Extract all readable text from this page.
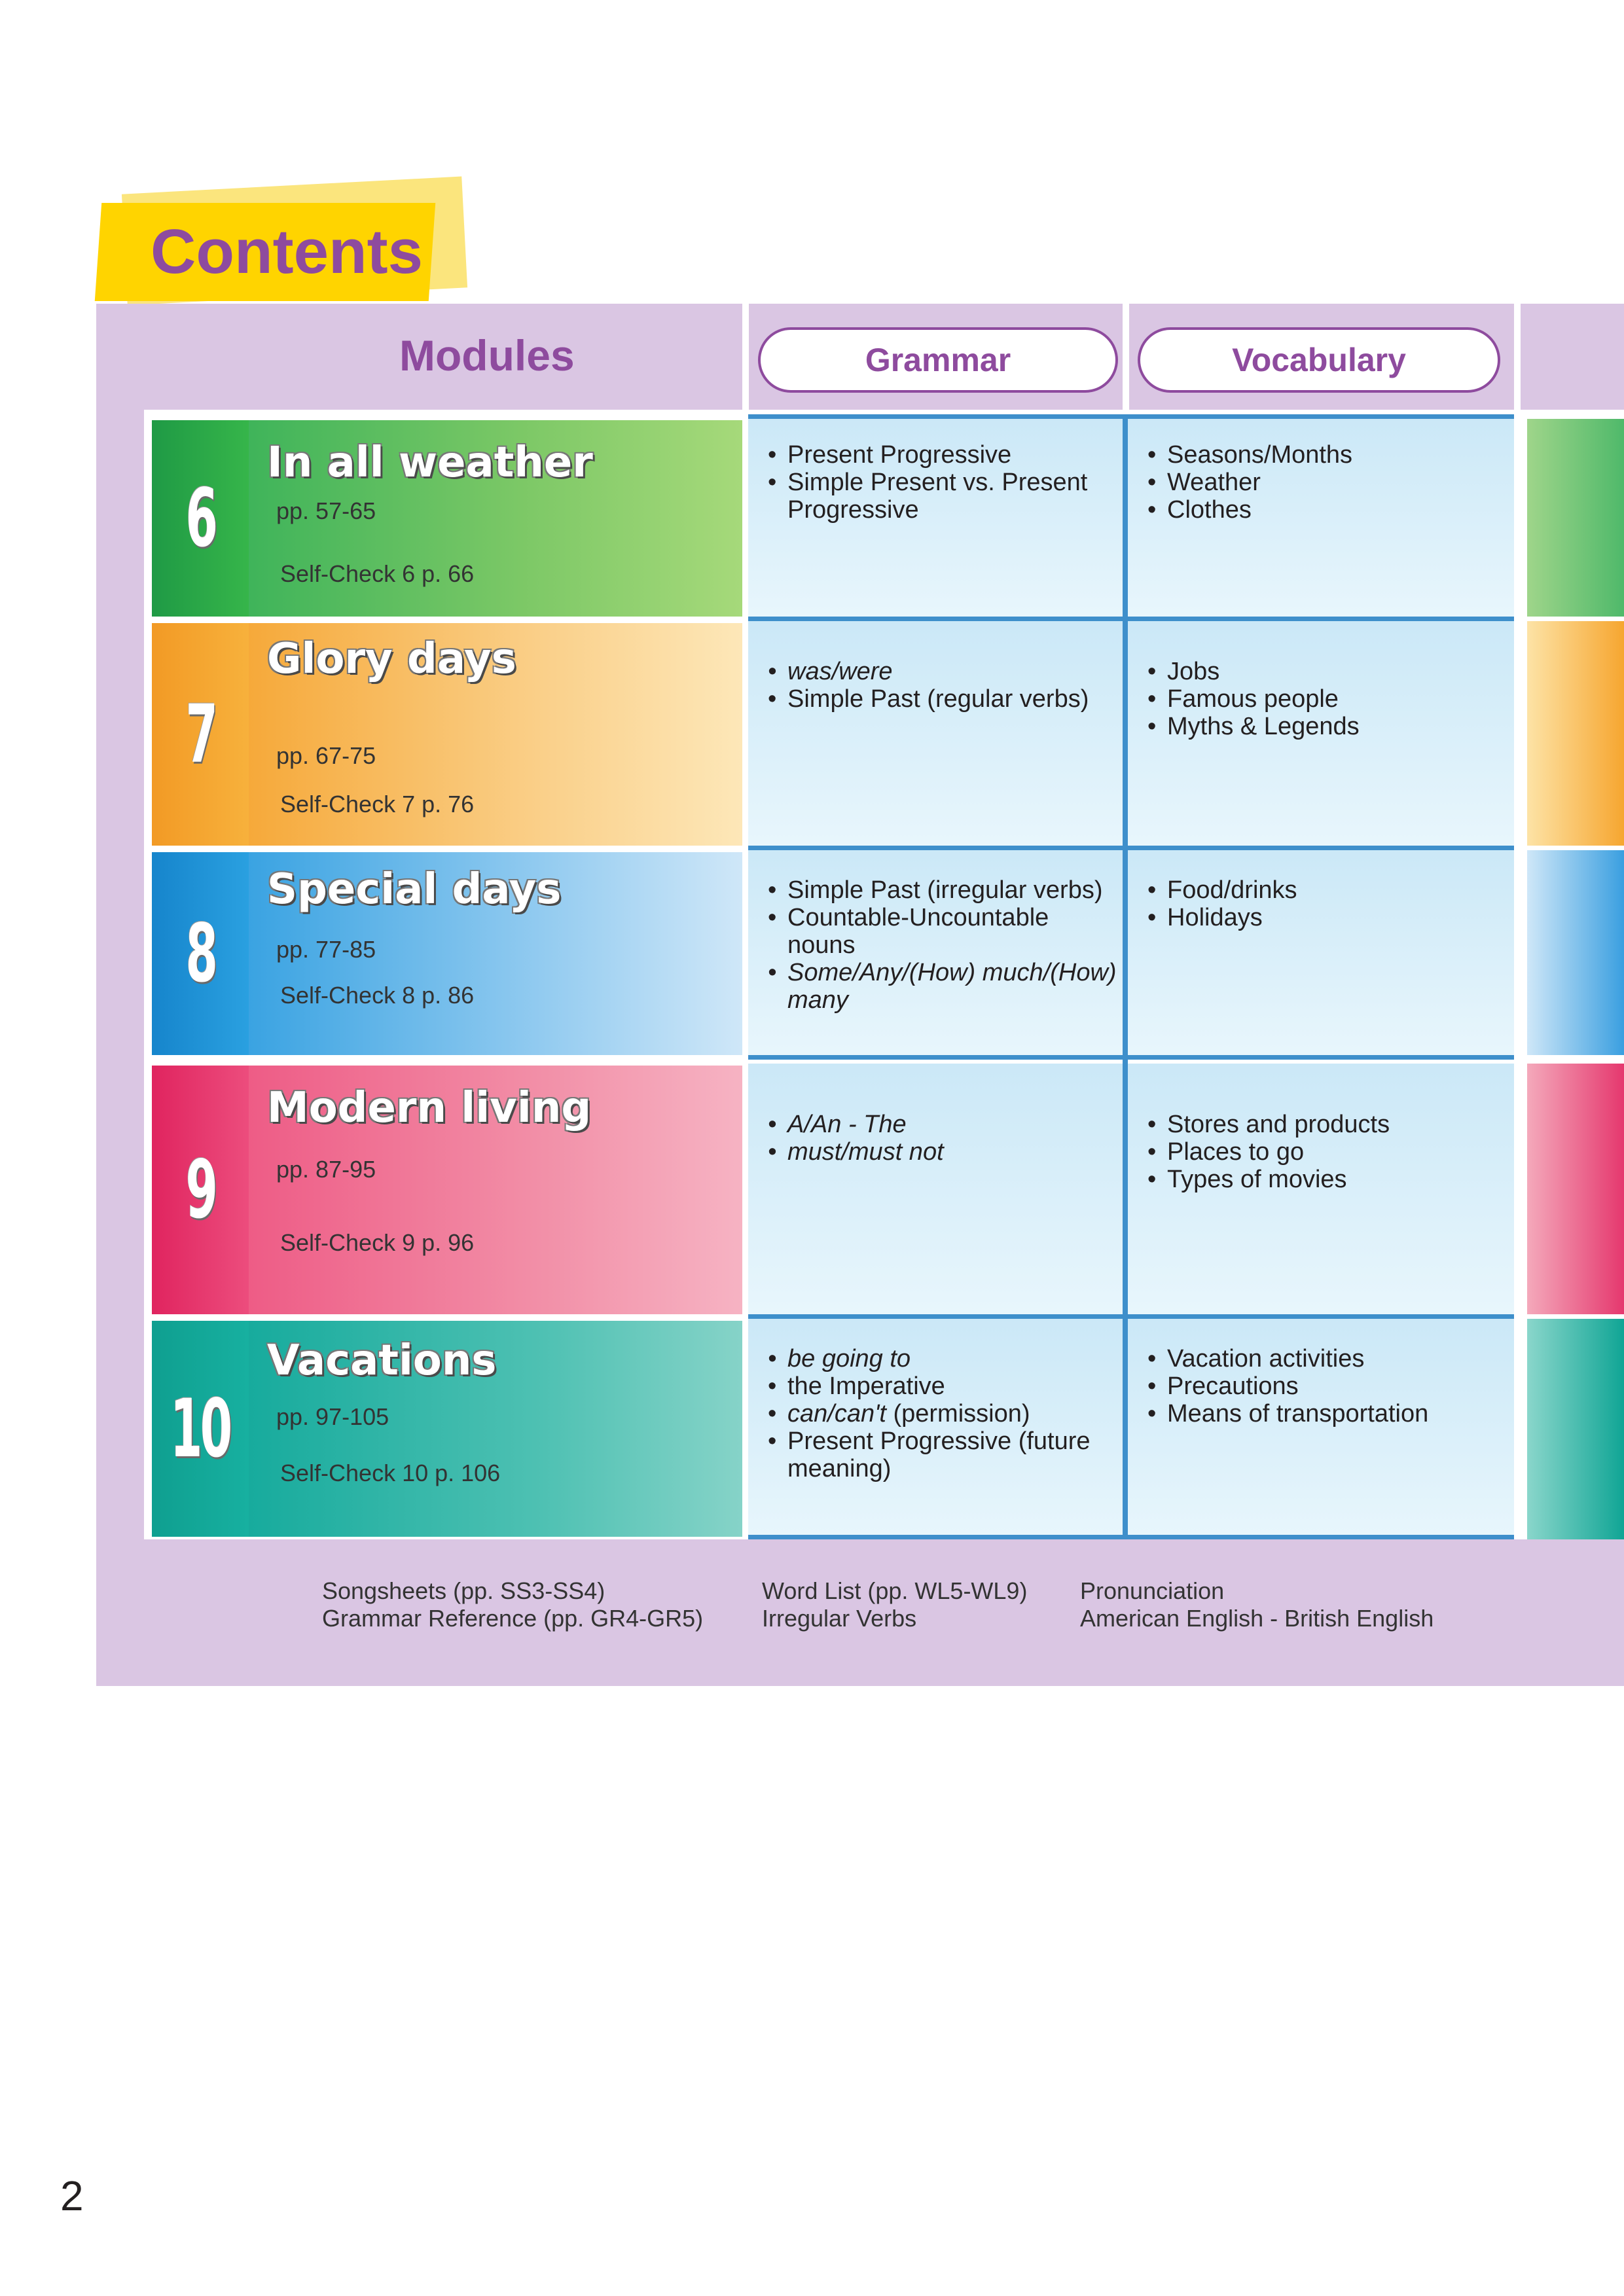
Contents
Modules	Grammar	Vocabulary
6
In all weather
pp. 57-65
Self-Check 6 p. 66
• Present Progressive
• Simple Present vs. Present Progressive
• Seasons/Months
• Weather
• Clothes
7
Glory days
pp. 67-75
Self-Check 7 p. 76
• was/were
• Simple Past (regular verbs)
• Jobs
• Famous people
• Myths & Legends
8
Special days
pp. 77-85
Self-Check 8 p. 86
• Simple Past (irregular verbs)
• Countable-Uncountable nouns
• Some/Any/(How) much/(How) many
• Food/drinks
• Holidays
9
Modern living
pp. 87-95
Self-Check 9 p. 96
• A/An - The
• must/must not
• Stores and products
• Places to go
• Types of movies
10
Vacations
pp. 97-105
Self-Check 10 p. 106
• be going to
• the Imperative
• can/can't (permission)
• Present Progressive (future meaning)
• Vacation activities
• Precautions
• Means of transportation
Songsheets (pp. SS3-SS4)
Grammar Reference (pp. GR4-GR5)
Word List (pp. WL5-WL9)
Irregular Verbs
Pronunciation
American English - British English
2
